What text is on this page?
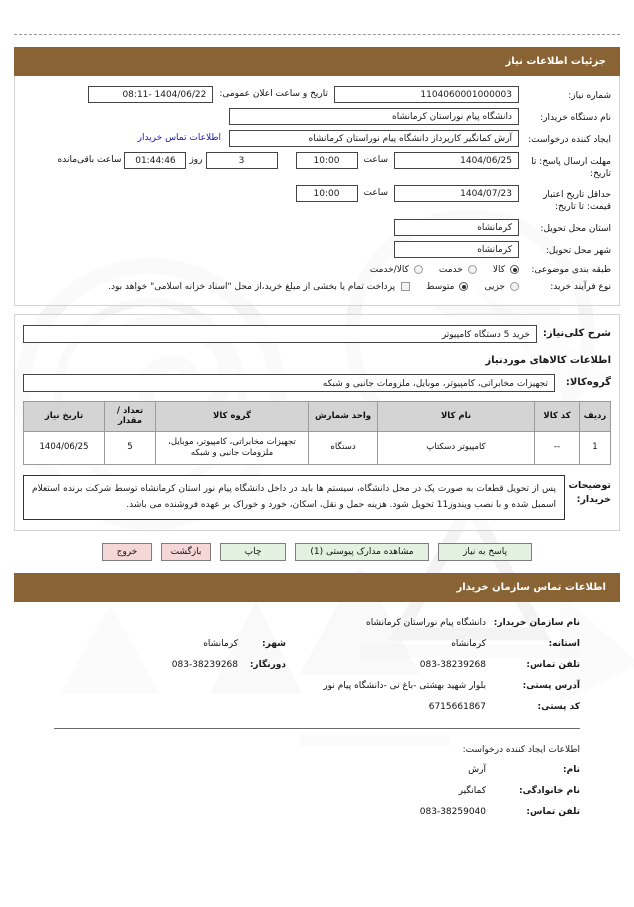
جزئیات اطلاعات نیاز
شماره نیاز:
1104060001000003
تاریخ و ساعت اعلان عمومی:
1404/06/22 -08:11
نام دستگاه خریدار:
دانشگاه پیام نوراستان کرمانشاه
ایجاد کننده درخواست:
آرش کمانگیر کارپرداز دانشگاه پیام نوراستان کرمانشاه
اطلاعات تماس خریدار
مهلت ارسال پاسخ: تا تاریخ:
1404/06/25
ساعت
10:00
3
روز
01:44:46
ساعت باقی‌مانده
حداقل تاریخ اعتبار قیمت: تا تاریخ:
1404/07/23
ساعت
10:00
استان محل تحویل:
کرمانشاه
شهر محل تحویل:
کرمانشاه
طبقه بندی موضوعی:
کالا
خدمت
کالا/خدمت
نوع فرآیند خرید:
جزیی
متوسط
پرداخت تمام یا بخشی از مبلغ خرید،از محل "اسناد خزانه اسلامی" خواهد بود.
شرح کلی‌نیاز:
خرید 5 دستگاه کامپیوتر
اطلاعات کالاهای موردنیاز
گروه‌کالا:
تجهیزات مخابراتی، کامپیوتر، موبایل، ملزومات جانبی و شبکه
ردیف	کد کالا	نام کالا	واحد شمارش	گروه کالا	تعداد / مقدار	تاریخ نیاز
1	--	کامپیوتر دسکتاپ	دستگاه	تجهیزات مخابراتی، کامپیوتر، موبایل، ملزومات جانبی و شبکه	5	1404/06/25
توضیحات خریدار:
پس از تحویل قطعات به صورت پک در محل دانشگاه، سیستم ها باید در داخل دانشگاه پیام نور استان کرمانشاه توسط شرکت برنده استعلام اسمبل شده و با نصب ویندوز11 تحویل شود. هزینه حمل و نقل، اسکان، خورد و خوراک بر عهده فروشنده می باشد.
پاسخ به نیاز
مشاهده مدارک پیوستی (1)
چاپ
بازگشت
خروج
اطلاعات تماس سازمان خریدار
نام سازمان خریدار:
دانشگاه پیام نوراستان کرمانشاه
استانه:
کرمانشاه
شهر:
کرمانشاه
تلفن تماس:
083-38239268
دورنگار:
083-38239268
آدرس پستی:
بلوار شهید بهشتی -باغ نی -دانشگاه پیام نور
کد پستی:
6715661867
اطلاعات ایجاد کننده درخواست:
نام:
آرش
نام خانوادگی:
کمانگیر
تلفن تماس:
083-38259040
